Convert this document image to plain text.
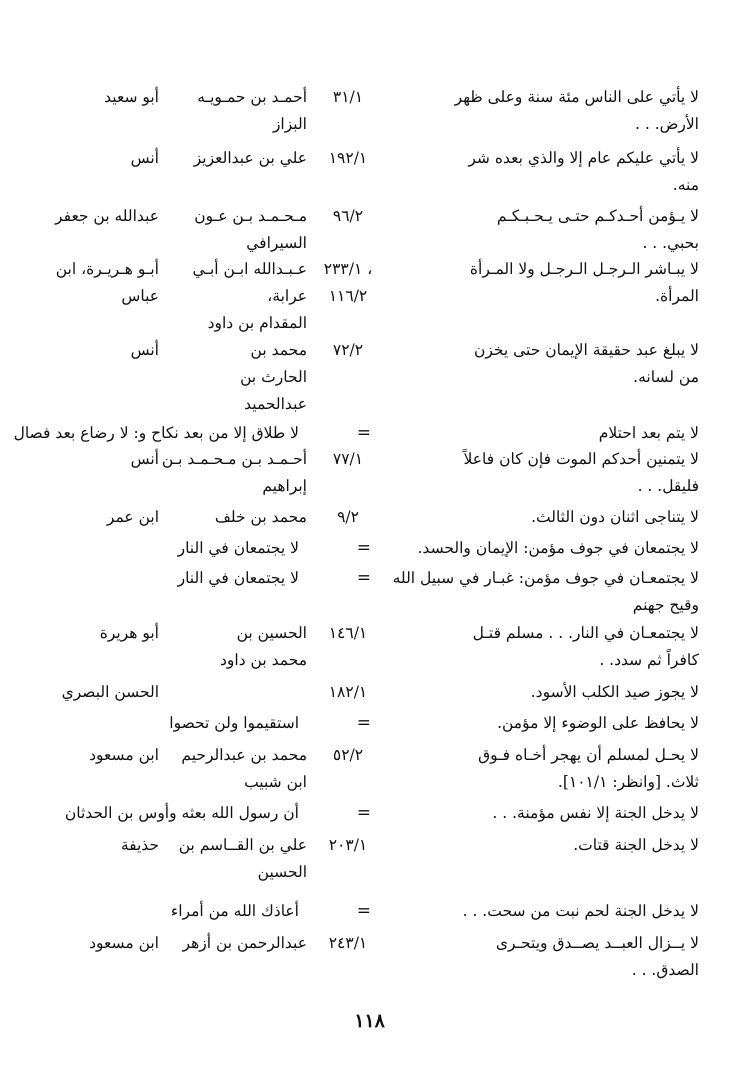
لا يأتي على الناس مئة سنة وعلى ظهر
الأرض. . .
٣١/١
أحمـد بن حمـويـه
البزاز
أبو سعيد
لا يأتي عليكم عام إلا والذي بعده شر
منه.
١٩٢/١
علي بن عبدالعزيز
أنس
لا يـؤمن أحـدكـم حتـى يـحـبـكـم
بحبي. . .
٩٦/٢
مـحـمـد بـن عـون
السيرافي
عبدالله بن جعفر
لا يبـاشر الـرجـل الـرجـل ولا المـرأة
المرأة.
٢٣٣/١ ،
١١٦/٢
عـبـدالله ابـن أبـي
عرابة،
المقدام بن داود
أبـو هـريـرة، ابن
عباس
لا يبلغ عبد حقيقة الإيمان حتى يخزن
من لسانه.
٧٢/٢
محمد بن
الحارث بن
عبدالحميد
أنس
لا يتم بعد احتلام
=
لا طلاق إلا من بعد نكاح و: لا رضاع بعد فصال
لا يتمنين أحدكم الموت فإن كان فاعلاً
فليقل. . .
٧٧/١
أحـمـد بـن مـحـمـد بـن
إبراهيم
أنس
لا يتناجى اثنان دون الثالث.
٩/٢
محمد بن خلف
ابن عمر
لا يجتمعان في جوف مؤمن: الإيمان والحسد.
=
لا يجتمعان في النار
لا يجتمعـان في جوف مؤمن: غبـار في سبيل الله
وقيح جهنم
=
لا يجتمعان في النار
لا يجتمعـان في النار. . . مسلم قتـل
كافراً ثم سدد. .
١٤٦/١
الحسين بن
محمد بن داود
أبو هريرة
لا يجوز صيد الكلب الأسود.
١٨٢/١
الحسن البصري
لا يحافظ على الوضوء إلا مؤمن.
=
استقيموا ولن تحصوا
لا يحـل لمسلم أن يهجر أخـاه فـوق
ثلاث. [وانظر: ١٠١/١].
٥٢/٢
محمد بن عبدالرحيم
ابن شبيب
ابن مسعود
لا يدخل الجنة إلا نفس مؤمنة. . .
=
أن رسول الله بعثه وأوس بن الحدثان
لا يدخل الجنة قتات.
٢٠٣/١
علي بن القــاسم بن
الحسين
حذيفة
لا يدخل الجنة لحم نبت من سحت. . .
=
أعاذك الله من أمراء
لا يــزال العبــد يصــدق ويتحـرى
الصدق. . .
٢٤٣/١
عبدالرحمن بن أزهر
ابن مسعود
١١٨
